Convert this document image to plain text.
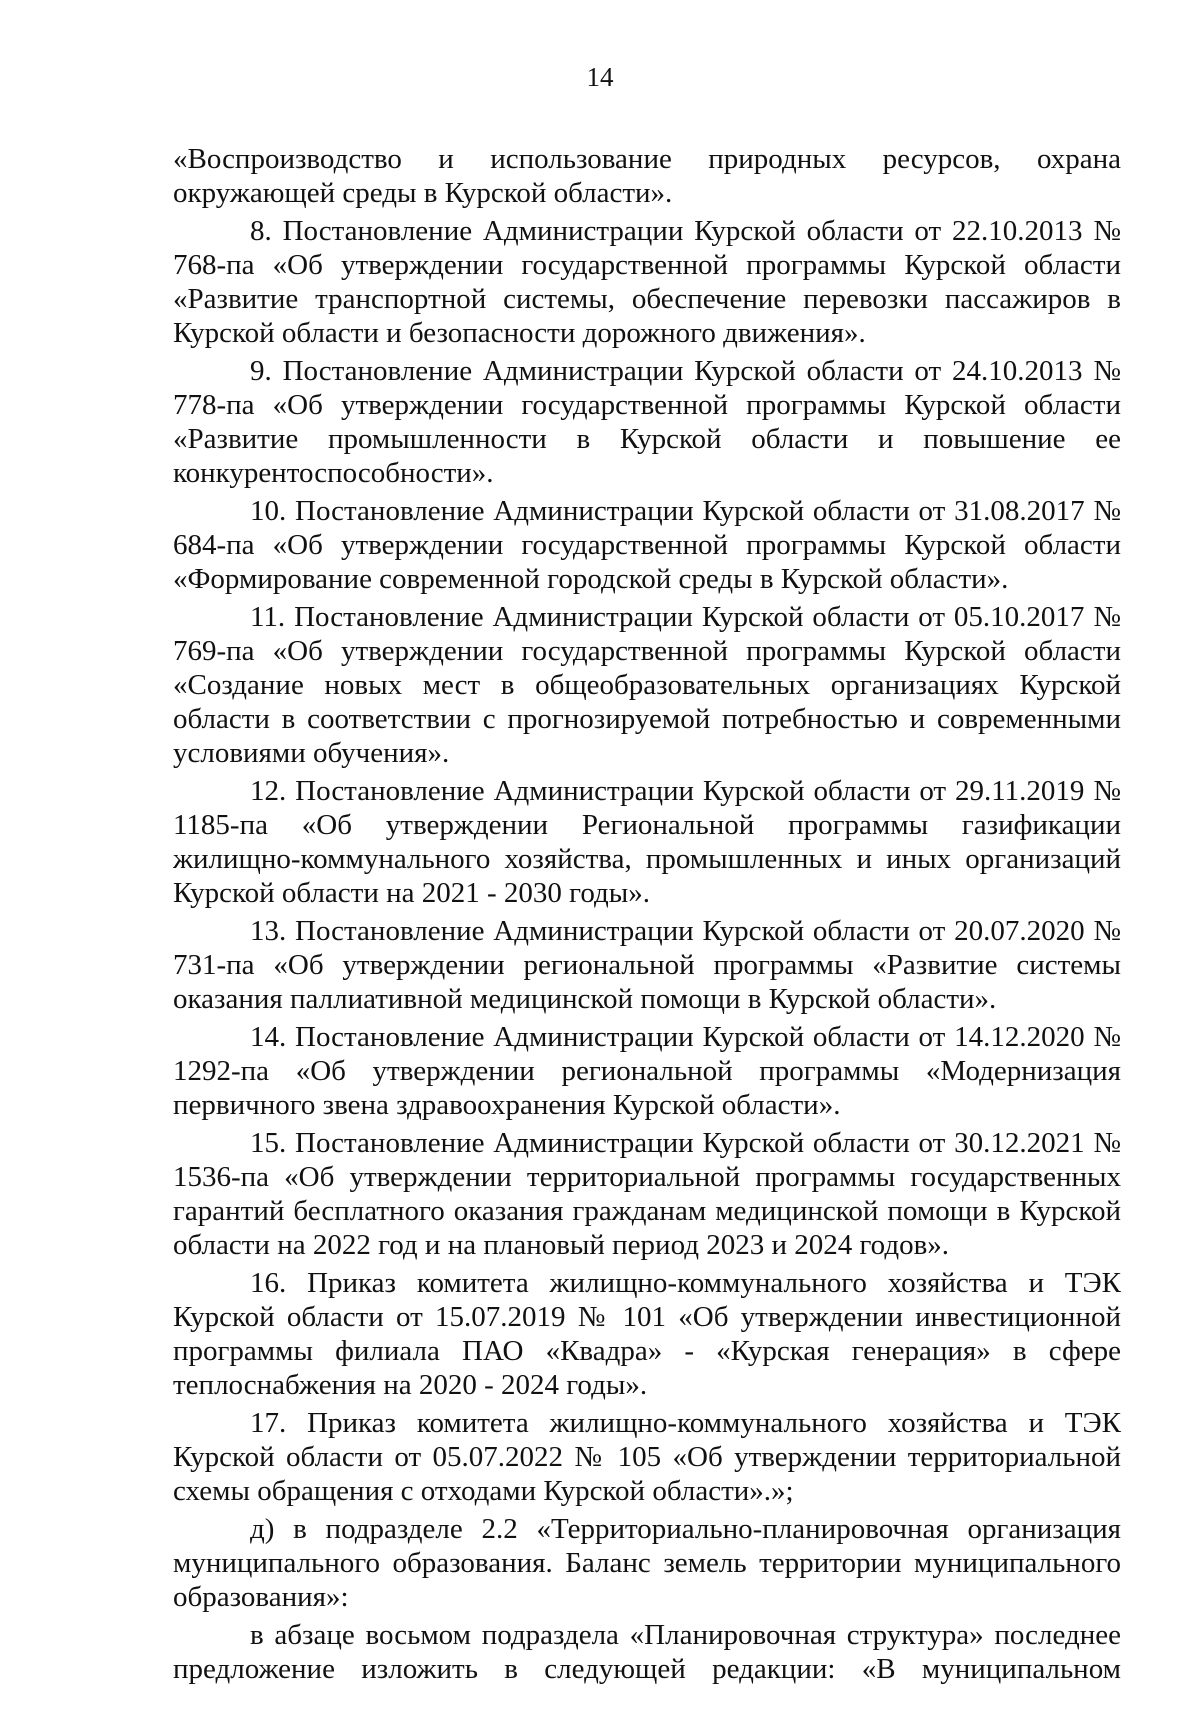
14

«Воспроизводство и использование природных ресурсов, охрана окружающей среды в Курской области».

8. Постановление Администрации Курской области от 22.10.2013 № 768-па «Об утверждении государственной программы Курской области «Развитие транспортной системы, обеспечение перевозки пассажиров в Курской области и безопасности дорожного движения».

9. Постановление Администрации Курской области от 24.10.2013 № 778-па «Об утверждении государственной программы Курской области «Развитие промышленности в Курской области и повышение ее конкурентоспособности».

10. Постановление Администрации Курской области от 31.08.2017 № 684-па «Об утверждении государственной программы Курской области «Формирование современной городской среды в Курской области».

11. Постановление Администрации Курской области от 05.10.2017 № 769-па «Об утверждении государственной программы Курской области «Создание новых мест в общеобразовательных организациях Курской области в соответствии с прогнозируемой потребностью и современными условиями обучения».

12. Постановление Администрации Курской области от 29.11.2019 № 1185-па «Об утверждении Региональной программы газификации жилищно-коммунального хозяйства, промышленных и иных организаций Курской области на 2021 - 2030 годы».

13. Постановление Администрации Курской области от 20.07.2020 № 731-па «Об утверждении региональной программы «Развитие системы оказания паллиативной медицинской помощи в Курской области».

14. Постановление Администрации Курской области от 14.12.2020 № 1292-па «Об утверждении региональной программы «Модернизация первичного звена здравоохранения Курской области».

15. Постановление Администрации Курской области от 30.12.2021 № 1536-па «Об утверждении территориальной программы государственных гарантий бесплатного оказания гражданам медицинской помощи в Курской области на 2022 год и на плановый период 2023 и 2024 годов».

16. Приказ комитета жилищно-коммунального хозяйства и ТЭК Курской области от 15.07.2019 № 101 «Об утверждении инвестиционной программы филиала ПАО «Квадра» - «Курская генерация» в сфере теплоснабжения на 2020 - 2024 годы».

17. Приказ комитета жилищно-коммунального хозяйства и ТЭК Курской области от 05.07.2022 № 105 «Об утверждении территориальной схемы обращения с отходами Курской области».»;

д) в подразделе 2.2 «Территориально-планировочная организация муниципального образования. Баланс земель территории муниципального образования»:

в абзаце восьмом подраздела «Планировочная структура» последнее предложение изложить в следующей редакции: «В муниципальном
